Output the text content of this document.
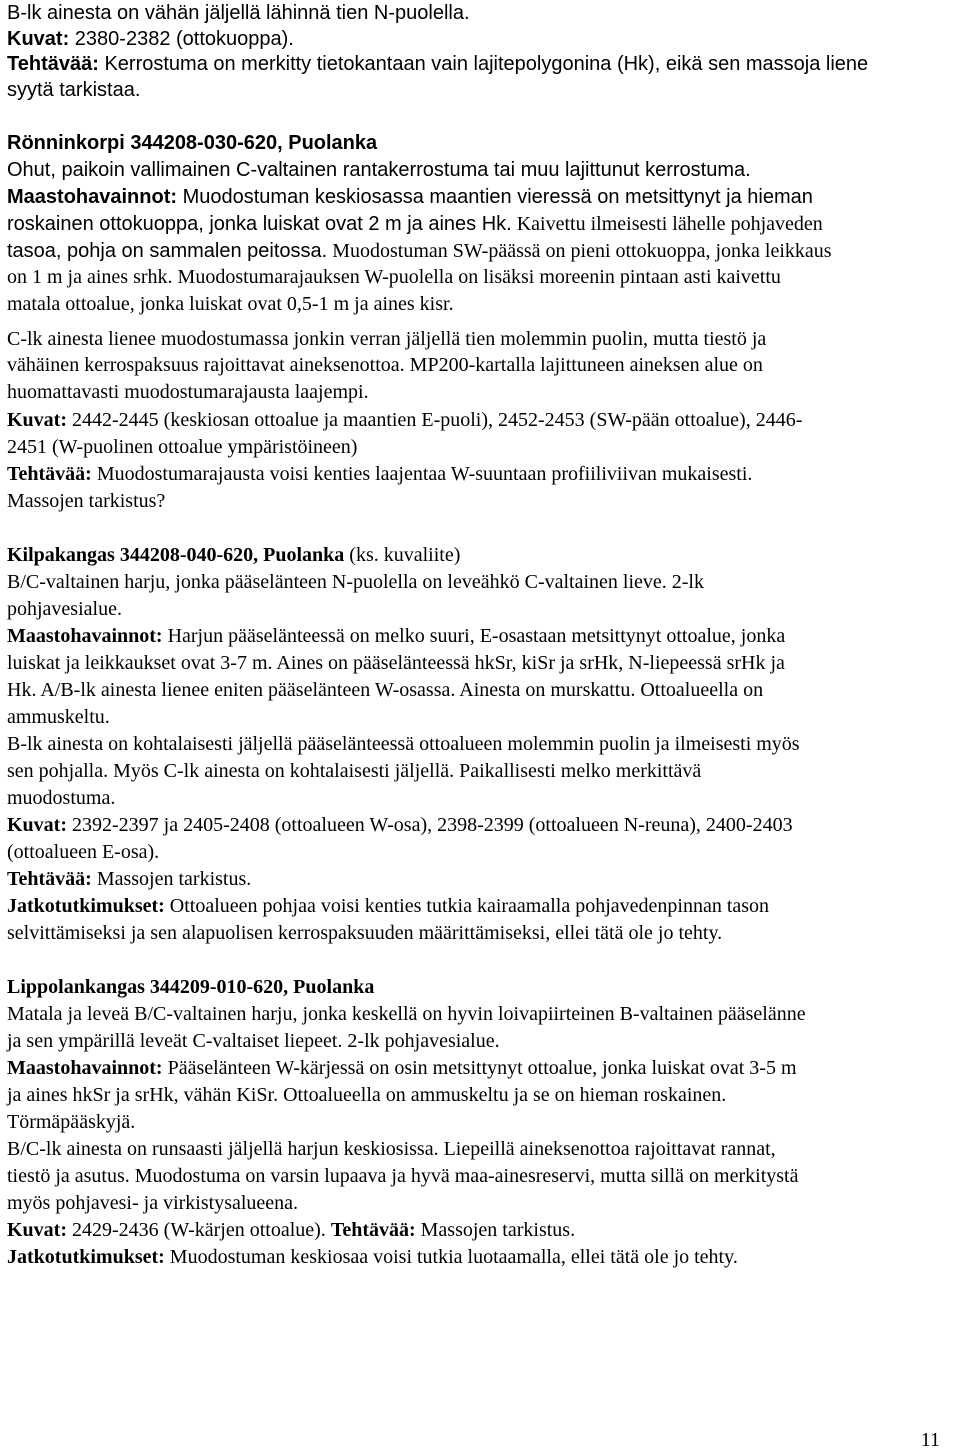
B-lk ainesta on vähän jäljellä lähinnä tien N-puolella.
Kuvat: 2380-2382 (ottokuoppa).
Tehtävää: Kerrostuma on merkitty tietokantaan vain lajitepolygonina (Hk), eikä sen massoja liene
syytä tarkistaa.
Rönninkorpi 344208-030-620, Puolanka
Ohut, paikoin vallimainen C-valtainen rantakerrostuma tai muu lajittunut kerrostuma.
Maastohavainnot: Muodostuman keskiosassa maantien vieressä on metsittynyt ja hieman
roskainen ottokuoppa, jonka luiskat ovat 2 m ja aines Hk. Kaivettu ilmeisesti lähelle pohjaveden
tasoa, pohja on sammalen peitossa. Muodostuman SW-päässä on pieni ottokuoppa, jonka leikkaus
on 1 m ja aines srhk. Muodostumarajauksen W-puolella on lisäksi moreenin pintaan asti kaivettu
matala ottoalue, jonka luiskat ovat 0,5-1 m ja aines kisr.
C-lk ainesta lienee muodostumassa jonkin verran jäljellä tien molemmin puolin, mutta tiestö ja
vähäinen kerrospaksuus rajoittavat aineksenottoa. MP200-kartalla lajittuneen aineksen alue on
huomattavasti muodostumarajausta laajempi.
Kuvat: 2442-2445 (keskiosan ottoalue ja maantien E-puoli), 2452-2453 (SW-pään ottoalue), 2446-
2451 (W-puolinen ottoalue ympäristöineen)
Tehtävää: Muodostumarajausta voisi kenties laajentaa W-suuntaan profiiliviivan mukaisesti.
Massojen tarkistus?
Kilpakangas 344208-040-620, Puolanka (ks. kuvaliite)
B/C-valtainen harju, jonka pääselänteen N-puolella on leveähkö C-valtainen lieve. 2-lk
pohjavesialue.
Maastohavainnot: Harjun pääselänteessä on melko suuri, E-osastaan metsittynyt ottoalue, jonka
luiskat ja leikkaukset ovat 3-7 m. Aines on pääselänteessä hkSr, kiSr ja srHk, N-liepeessä srHk ja
Hk. A/B-lk ainesta lienee eniten pääselänteen W-osassa. Ainesta on murskattu. Ottoalueella on
ammuskeltu.
B-lk ainesta on kohtalaisesti jäljellä pääselänteessä ottoalueen molemmin puolin ja ilmeisesti myös
sen pohjalla. Myös C-lk ainesta on kohtalaisesti jäljellä. Paikallisesti melko merkittävä
muodostuma.
Kuvat: 2392-2397 ja 2405-2408 (ottoalueen W-osa), 2398-2399 (ottoalueen N-reuna), 2400-2403
(ottoalueen E-osa).
Tehtävää: Massojen tarkistus.
Jatkotutkimukset: Ottoalueen pohjaa voisi kenties tutkia kairaamalla pohjavedenpinnan tason
selvittämiseksi ja sen alapuolisen kerrospaksuuden määrittämiseksi, ellei tätä ole jo tehty.
Lippolankangas 344209-010-620, Puolanka
Matala ja leveä B/C-valtainen harju, jonka keskellä on hyvin loivapiirteinen B-valtainen pääselänne
ja sen ympärillä leveät C-valtaiset liepeet. 2-lk pohjavesialue.
Maastohavainnot: Pääselänteen W-kärjessä on osin metsittynyt ottoalue, jonka luiskat ovat 3-5 m
ja aines hkSr ja srHk, vähän KiSr. Ottoalueella on ammuskeltu ja se on hieman roskainen.
Törmäpääskyjä.
B/C-lk ainesta on runsaasti jäljellä harjun keskiosissa. Liepeillä aineksenottoa rajoittavat rannat,
tiestö ja asutus. Muodostuma on varsin lupaava ja hyvä maa-ainesreservi, mutta sillä on merkitystä
myös pohjavesi- ja virkistysalueena.
Kuvat: 2429-2436 (W-kärjen ottoalue). Tehtävää: Massojen tarkistus.
Jatkotutkimukset: Muodostuman keskiosaa voisi tutkia luotaamalla, ellei tätä ole jo tehty.
11
